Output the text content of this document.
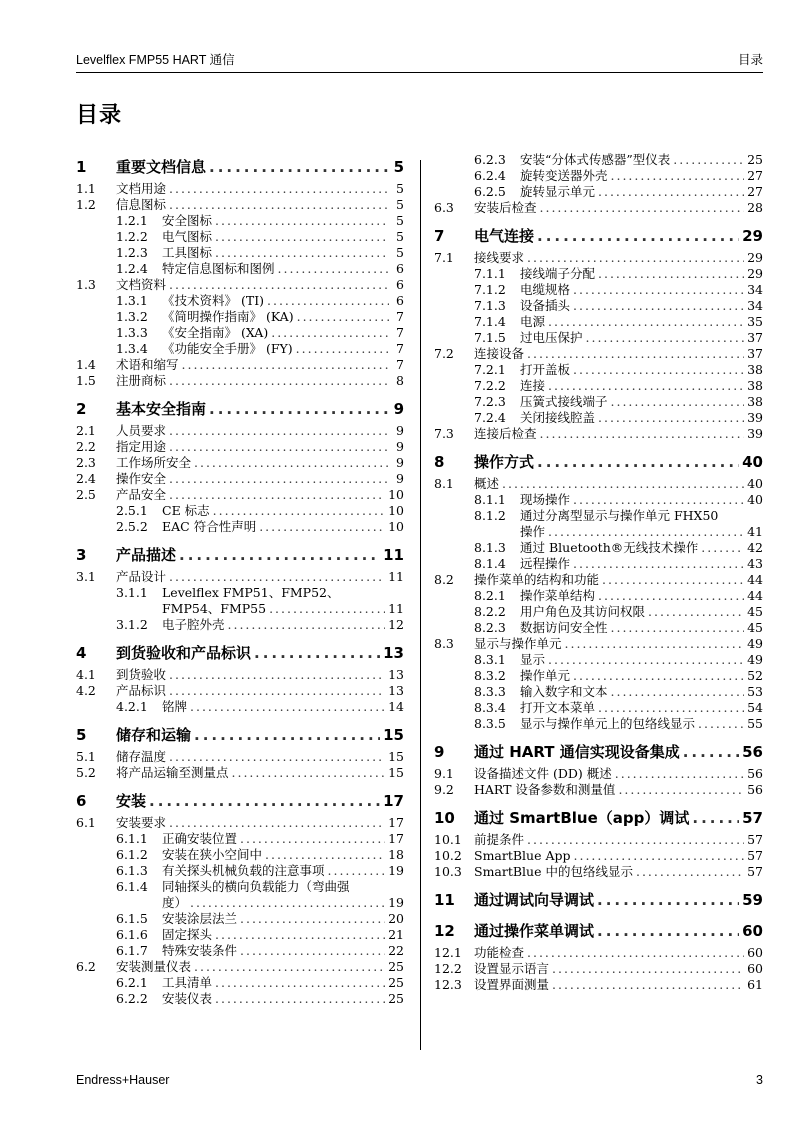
Levelflex FMP55 HART 通信	目录
目录
1	重要文档信息 .....	5
1.1	文档用途 .....	5
1.2	信息图标 .....	5
1.2.1	安全图标 .....	5
1.2.2	电气图标 .....	5
1.2.3	工具图标 .....	5
1.2.4	特定信息图标和图例 .....	6
1.3	文档资料 .....	6
1.3.1	《技术资料》 (TI) .....	6
1.3.2	《简明操作指南》 (KA) .....	7
1.3.3	《安全指南》 (XA) .....	7
1.3.4	《功能安全手册》 (FY) .....	7
1.4	术语和缩写 .....	7
1.5	注册商标 .....	8
2	基本安全指南 .....	9
2.1	人员要求 .....	9
2.2	指定用途 .....	9
2.3	工作场所安全 .....	9
2.4	操作安全 .....	9
2.5	产品安全 .....	10
2.5.1	CE 标志 .....	10
2.5.2	EAC 符合性声明 .....	10
3	产品描述 .....	11
3.1	产品设计 .....	11
3.1.1	Levelflex FMP51、FMP52、
FMP54、FMP55 .....	11
3.1.2	电子腔外壳 .....	12
4	到货验收和产品标识 .....	13
4.1	到货验收 .....	13
4.2	产品标识 .....	13
4.2.1	铭牌 .....	14
5	储存和运输 .....	15
5.1	储存温度 .....	15
5.2	将产品运输至测量点 .....	15
6	安装 .....	17
6.1	安装要求 .....	17
6.1.1	正确安装位置 .....	17
6.1.2	安装在狭小空间中 .....	18
6.1.3	有关探头机械负载的注意事项 .....	19
6.1.4	同轴探头的横向负载能力（弯曲强
度） .....	19
6.1.5	安装涂层法兰 .....	20
6.1.6	固定探头 .....	21
6.1.7	特殊安装条件 .....	22
6.2	安装测量仪表 .....	25
6.2.1	工具清单 .....	25
6.2.2	安装仪表 .....	25
6.2.3	安装“分体式传感器”型仪表 .....	25
6.2.4	旋转变送器外壳 .....	27
6.2.5	旋转显示单元 .....	27
6.3	安装后检查 .....	28
7	电气连接 .....	29
7.1	接线要求 .....	29
7.1.1	接线端子分配 .....	29
7.1.2	电缆规格 .....	34
7.1.3	设备插头 .....	34
7.1.4	电源 .....	35
7.1.5	过电压保护 .....	37
7.2	连接设备 .....	37
7.2.1	打开盖板 .....	38
7.2.2	连接 .....	38
7.2.3	压簧式接线端子 .....	38
7.2.4	关闭接线腔盖 .....	39
7.3	连接后检查 .....	39
8	操作方式 .....	40
8.1	概述 .....	40
8.1.1	现场操作 .....	40
8.1.2	通过分离型显示与操作单元 FHX50
操作 .....	41
8.1.3	通过 Bluetooth®无线技术操作 .....	42
8.1.4	远程操作 .....	43
8.2	操作菜单的结构和功能 .....	44
8.2.1	操作菜单结构 .....	44
8.2.2	用户角色及其访问权限 .....	45
8.2.3	数据访问安全性 .....	45
8.3	显示与操作单元 .....	49
8.3.1	显示 .....	49
8.3.2	操作单元 .....	52
8.3.3	输入数字和文本 .....	53
8.3.4	打开文本菜单 .....	54
8.3.5	显示与操作单元上的包络线显示 .....	55
9	通过 HART 通信实现设备集成 .....	56
9.1	设备描述文件 (DD) 概述 .....	56
9.2	HART 设备参数和测量值 .....	56
10	通过 SmartBlue（app）调试 .....	57
10.1 前提条件 .....	57
10.2 SmartBlue App .....	57
10.3 SmartBlue 中的包络线显示 .....	57
11	通过调试向导调试 .....	59
12	通过操作菜单调试 .....	60
12.1 功能检查 .....	60
12.2 设置显示语言 .....	60
12.3 设置界面测量 .....	61
Endress+Hauser	3
